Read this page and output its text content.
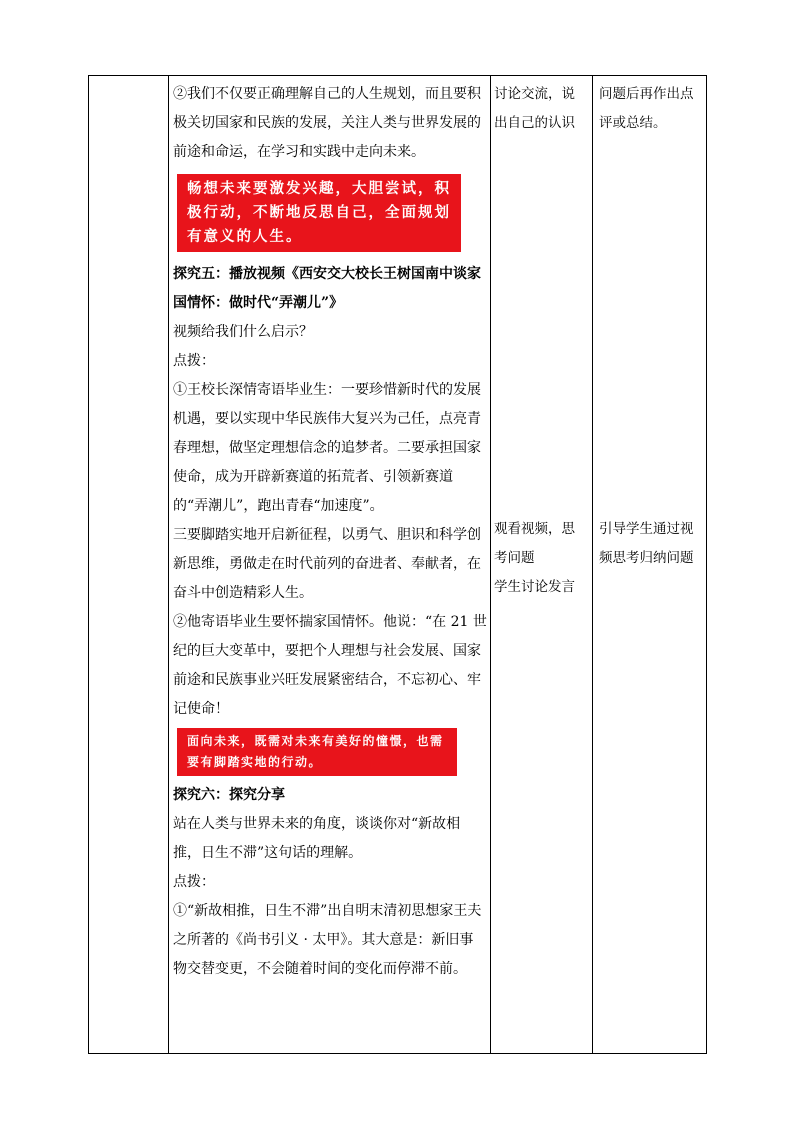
②我们不仅要正确理解自己的人生规划，而且要积极关切国家和民族的发展，关注人类与世界发展的前途和命运，在学习和实践中走向未来。

畅想未来要激发兴趣，大胆尝试，积极行动，不断地反思自己，全面规划有意义的人生。

探究五：播放视频《西安交大校长王树国南中谈家国情怀：做时代“弄潮儿”》

视频给我们什么启示？

点拨：

①王校长深情寄语毕业生：一要珍惜新时代的发展机遇，要以实现中华民族伟大复兴为己任，点亮青春理想，做坚定理想信念的追梦者。二要承担国家使命，成为开辟新赛道的拓荒者、引领新赛道的“弄潮儿”，跑出青春“加速度”。

三要脚踏实地开启新征程，以勇气、胆识和科学创新思维，勇做走在时代前列的奋进者、奉献者，在奋斗中创造精彩人生。

②他寄语毕业生要怀揣家国情怀。他说：“在 21 世纪的巨大变革中，要把个人理想与社会发展、国家前途和民族事业兴旺发展紧密结合，不忘初心、牢记使命！

面向未来，既需对未来有美好的憧憬，也需要有脚踏实地的行动。

探究六：探究分享

站在人类与世界未来的角度，谈谈你对“新故相推，日生不滞”这句话的理解。

点拨：

①“新故相推，日生不滞”出自明末清初思想家王夫之所著的《尚书引义 · 太甲》。其大意是：新旧事物交替变更，不会随着时间的变化而停滞不前。

讨论交流，说出自己的认识

观看视频，思考问题

学生讨论发言

问题后再作出点评或总结。

引导学生通过视频思考归纳问题
